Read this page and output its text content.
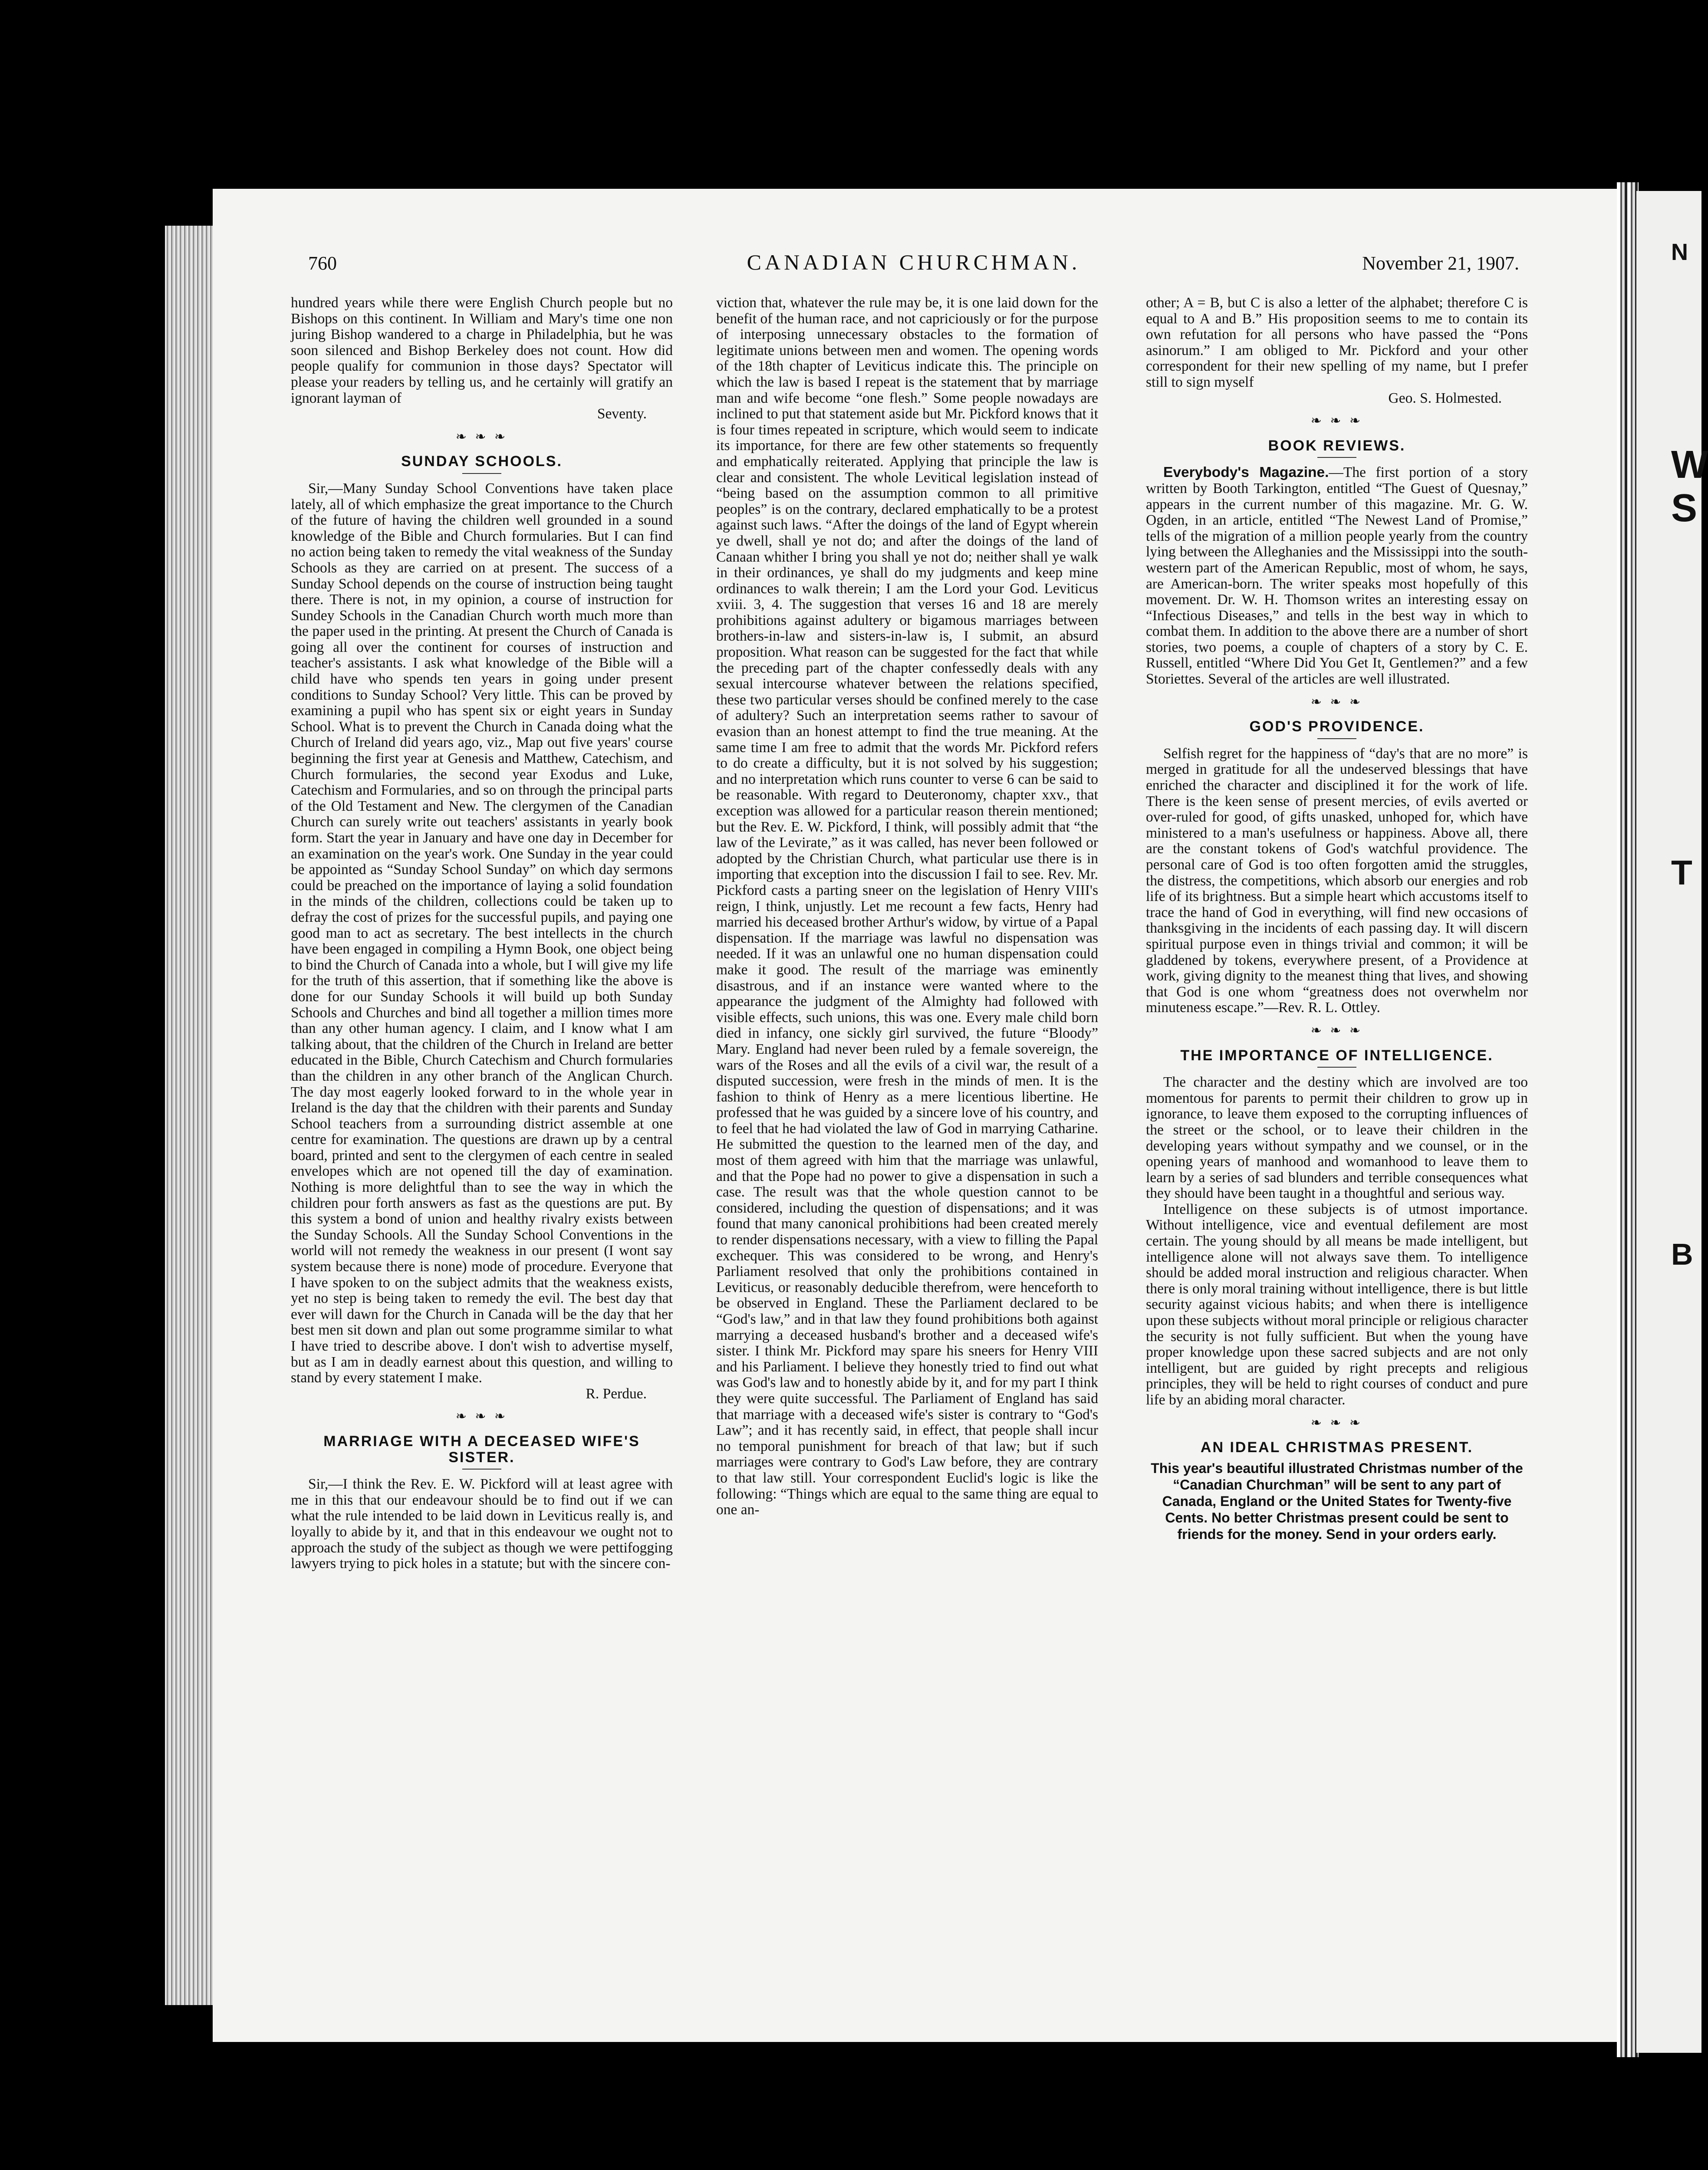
760	CANADIAN CHURCHMAN.	November 21, 1907.

hundred years while there were English Church people but no Bishops on this continent. In William and Mary's time one non juring Bishop wandered to a charge in Philadelphia, but he was soon silenced and Bishop Berkeley does not count. How did people qualify for communion in those days? Spectator will please your readers by telling us, and he certainly will gratify an ignorant layman of

Seventy.
❧ ❧ ❧
SUNDAY SCHOOLS.

Sir,—Many Sunday School Conventions have taken place lately, all of which emphasize the great importance to the Church of the future of having the children well grounded in a sound knowledge of the Bible and Church formularies. But I can find no action being taken to remedy the vital weakness of the Sunday Schools as they are carried on at present. The success of a Sunday School depends on the course of instruction being taught there. There is not, in my opinion, a course of instruction for Sundey Schools in the Canadian Church worth much more than the paper used in the printing. At present the Church of Canada is going all over the continent for courses of instruction and teacher's assistants. I ask what knowledge of the Bible will a child have who spends ten years in going under present conditions to Sunday School? Very little. This can be proved by examining a pupil who has spent six or eight years in Sunday School. What is to prevent the Church in Canada doing what the Church of Ireland did years ago, viz., Map out five years' course beginning the first year at Genesis and Matthew, Catechism, and Church formularies, the second year Exodus and Luke, Catechism and Formularies, and so on through the principal parts of the Old Testament and New. The clergymen of the Canadian Church can surely write out teachers' assistants in yearly book form. Start the year in January and have one day in December for an examination on the year's work. One Sunday in the year could be appointed as “Sunday School Sunday” on which day sermons could be preached on the importance of laying a solid foundation in the minds of the children, collections could be taken up to defray the cost of prizes for the successful pupils, and paying one good man to act as secretary. The best intellects in the church have been engaged in compiling a Hymn Book, one object being to bind the Church of Canada into a whole, but I will give my life for the truth of this assertion, that if something like the above is done for our Sunday Schools it will build up both Sunday Schools and Churches and bind all together a million times more than any other human agency. I claim, and I know what I am talking about, that the children of the Church in Ireland are better educated in the Bible, Church Catechism and Church formularies than the children in any other branch of the Anglican Church. The day most eagerly looked forward to in the whole year in Ireland is the day that the children with their parents and Sunday School teachers from a surrounding district assemble at one centre for examination. The questions are drawn up by a central board, printed and sent to the clergymen of each centre in sealed envelopes which are not opened till the day of examination. Nothing is more delightful than to see the way in which the children pour forth answers as fast as the questions are put. By this system a bond of union and healthy rivalry exists between the Sunday Schools. All the Sunday School Conventions in the world will not remedy the weakness in our present (I wont say system because there is none) mode of procedure. Everyone that I have spoken to on the subject admits that the weakness exists, yet no step is being taken to remedy the evil. The best day that ever will dawn for the Church in Canada will be the day that her best men sit down and plan out some programme similar to what I have tried to describe above. I don't wish to advertise myself, but as I am in deadly earnest about this question, and willing to stand by every statement I make.

R. Perdue.
❧ ❧ ❧
MARRIAGE WITH A DECEASED WIFE'S SISTER.

Sir,—I think the Rev. E. W. Pickford will at least agree with me in this that our endeavour should be to find out if we can what the rule intended to be laid down in Leviticus really is, and loyally to abide by it, and that in this endeavour we ought not to approach the study of the subject as though we were pettifogging lawyers trying to pick holes in a statute; but with the sincere con-

viction that, whatever the rule may be, it is one laid down for the benefit of the human race, and not capriciously or for the purpose of interposing unnecessary obstacles to the formation of legitimate unions between men and women. The opening words of the 18th chapter of Leviticus indicate this. The principle on which the law is based I repeat is the statement that by marriage man and wife become “one flesh.” Some people nowadays are inclined to put that statement aside but Mr. Pickford knows that it is four times repeated in scripture, which would seem to indicate its importance, for there are few other statements so frequently and emphatically reiterated. Applying that principle the law is clear and consistent. The whole Levitical legislation instead of “being based on the assumption common to all primitive peoples” is on the contrary, declared emphatically to be a protest against such laws. “After the doings of the land of Egypt wherein ye dwell, shall ye not do; and after the doings of the land of Canaan whither I bring you shall ye not do; neither shall ye walk in their ordinances, ye shall do my judgments and keep mine ordinances to walk therein; I am the Lord your God. Leviticus xviii. 3, 4. The suggestion that verses 16 and 18 are merely prohibitions against adultery or bigamous marriages between brothers-in-law and sisters-in-law is, I submit, an absurd proposition. What reason can be suggested for the fact that while the preceding part of the chapter confessedly deals with any sexual intercourse whatever between the relations specified, these two particular verses should be confined merely to the case of adultery? Such an interpretation seems rather to savour of evasion than an honest attempt to find the true meaning. At the same time I am free to admit that the words Mr. Pickford refers to do create a difficulty, but it is not solved by his suggestion; and no interpretation which runs counter to verse 6 can be said to be reasonable. With regard to Deuteronomy, chapter xxv., that exception was allowed for a particular reason therein mentioned; but the Rev. E. W. Pickford, I think, will possibly admit that “the law of the Levirate,” as it was called, has never been followed or adopted by the Christian Church, what particular use there is in importing that exception into the discussion I fail to see. Rev. Mr. Pickford casts a parting sneer on the legislation of Henry VIII's reign, I think, unjustly. Let me recount a few facts, Henry had married his deceased brother Arthur's widow, by virtue of a Papal dispensation. If the marriage was lawful no dispensation was needed. If it was an unlawful one no human dispensation could make it good. The result of the marriage was eminently disastrous, and if an instance were wanted where to the appearance the judgment of the Almighty had followed with visible effects, such unions, this was one. Every male child born died in infancy, one sickly girl survived, the future “Bloody” Mary. England had never been ruled by a female sovereign, the wars of the Roses and all the evils of a civil war, the result of a disputed succession, were fresh in the minds of men. It is the fashion to think of Henry as a mere licentious libertine. He professed that he was guided by a sincere love of his country, and to feel that he had violated the law of God in marrying Catharine. He submitted the question to the learned men of the day, and most of them agreed with him that the marriage was unlawful, and that the Pope had no power to give a dispensation in such a case. The result was that the whole question cannot to be considered, including the question of dispensations; and it was found that many canonical prohibitions had been created merely to render dispensations necessary, with a view to filling the Papal exchequer. This was considered to be wrong, and Henry's Parliament resolved that only the prohibitions contained in Leviticus, or reasonably deducible therefrom, were henceforth to be observed in England. These the Parliament declared to be “God's law,” and in that law they found prohibitions both against marrying a deceased husband's brother and a deceased wife's sister. I think Mr. Pickford may spare his sneers for Henry VIII and his Parliament. I believe they honestly tried to find out what was God's law and to honestly abide by it, and for my part I think they were quite successful. The Parliament of England has said that marriage with a deceased wife's sister is contrary to “God's Law”; and it has recently said, in effect, that people shall incur no temporal punishment for breach of that law; but if such marriages were contrary to God's Law before, they are contrary to that law still. Your correspondent Euclid's logic is like the following: “Things which are equal to the same thing are equal to one an-

other; A = B, but C is also a letter of the alphabet; therefore C is equal to A and B.” His proposition seems to me to contain its own refutation for all persons who have passed the “Pons asinorum.” I am obliged to Mr. Pickford and your other correspondent for their new spelling of my name, but I prefer still to sign myself

Geo. S. Holmested.
❧ ❧ ❧
BOOK REVIEWS.

Everybody's Magazine.—The first portion of a story written by Booth Tarkington, entitled “The Guest of Quesnay,” appears in the current number of this magazine. Mr. G. W. Ogden, in an article, entitled “The Newest Land of Promise,” tells of the migration of a million people yearly from the country lying between the Alleghanies and the Mississippi into the south-western part of the American Republic, most of whom, he says, are American-born. The writer speaks most hopefully of this movement. Dr. W. H. Thomson writes an interesting essay on “Infectious Diseases,” and tells in the best way in which to combat them. In addition to the above there are a number of short stories, two poems, a couple of chapters of a story by C. E. Russell, entitled “Where Did You Get It, Gentlemen?” and a few Storiettes. Several of the articles are well illustrated.

❧ ❧ ❧
GOD'S PROVIDENCE.

Selfish regret for the happiness of “day's that are no more” is merged in gratitude for all the undeserved blessings that have enriched the character and disciplined it for the work of life. There is the keen sense of present mercies, of evils averted or over-ruled for good, of gifts unasked, unhoped for, which have ministered to a man's usefulness or happiness. Above all, there are the constant tokens of God's watchful providence. The personal care of God is too often forgotten amid the struggles, the distress, the competitions, which absorb our energies and rob life of its brightness. But a simple heart which accustoms itself to trace the hand of God in everything, will find new occasions of thanksgiving in the incidents of each passing day. It will discern spiritual purpose even in things trivial and common; it will be gladdened by tokens, everywhere present, of a Providence at work, giving dignity to the meanest thing that lives, and showing that God is one whom “greatness does not overwhelm nor minuteness escape.”—Rev. R. L. Ottley.

❧ ❧ ❧
THE IMPORTANCE OF INTELLIGENCE.

The character and the destiny which are involved are too momentous for parents to permit their children to grow up in ignorance, to leave them exposed to the corrupting influences of the street or the school, or to leave their children in the developing years without sympathy and we counsel, or in the opening years of manhood and womanhood to leave them to learn by a series of sad blunders and terrible consequences what they should have been taught in a thoughtful and serious way.

Intelligence on these subjects is of utmost importance. Without intelligence, vice and eventual defilement are most certain. The young should by all means be made intelligent, but intelligence alone will not always save them. To intelligence should be added moral instruction and religious character. When there is only moral training without intelligence, there is but little security against vicious habits; and when there is intelligence upon these subjects without moral principle or religious character the security is not fully sufficient. But when the young have proper knowledge upon these sacred subjects and are not only intelligent, but are guided by right precepts and religious principles, they will be held to right courses of conduct and pure life by an abiding moral character.

❧ ❧ ❧
AN IDEAL CHRISTMAS PRESENT.
This year's beautiful illustrated Christmas number of the “Canadian Churchman” will be sent to any part of Canada, England or the United States for Twenty-five Cents. No better Christmas present could be sent to friends for the money. Send in your orders early.
N
W
S
T
B
